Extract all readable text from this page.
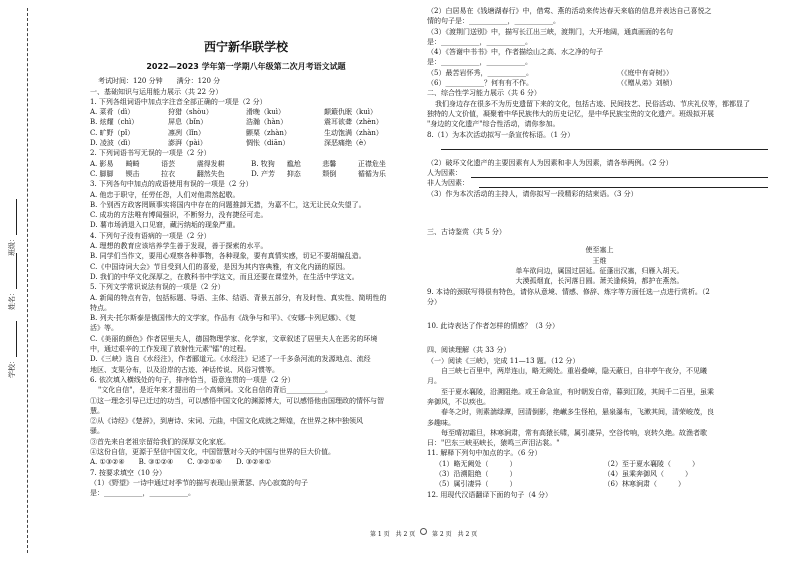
学校：
姓名：
班级：
西宁新华联学校
2022—2023 学年第一学期八年级第二次月考语文试题
考试时间：120 分钟　　满分：120 分
一、基础知识与运用能力展示（共 22 分）
1. 下列各组词语中加点字注音全部正确的一项是（2 分）
A. 菜肴（dì）	狩猎（shòu）	滑晚（kuì）	颠簸仇眠（kuì）
B. 炫耀（chì）	屏息（bǐn）	浩瀚（hàn）	震耳欲聋（zhèn）
C. 旷野（pǐ）	凛冽（lǐn）	颤栗（zhàn）	生动饱满（zhàn）
D. 凌波（dì）	澎湃（pài）	惆怅（diān）	深恶痛绝（è）
2. 下列词语书写无误的一项是（2 分）
A. 影易	畸畸	语芸	震得发耕	B. 牧狗	尴尬	悲馨	正襟危坐
C. 脚脚	锲击	拉衣	翻然失色	D. 产芳	抑态	颓倒	循循为乐
3. 下列各句中加点的成语使用有误的一项是（2 分）
A. 他忠于职守，任劳任怨，人们对他肃然起敬。
B. 个别西方政客罔顾事实将国内中存在的问题推卸无措，为嘉不仁，这无让民众失望了。
C. 成功的方法唯有博闻强识，不断努力，没有捷径可走。
D. 薯市场消退入口见窘，藏污纳垢的现象严重。
4. 下列句子没有语病的一项是（2 分）
A. 理想的教育应该培养学生善于发现，善于探索的水平。
B. 同学们当作文，要用心观察各种事物，各种现象，要有真情实感，切记不要胡编乱造。
C.《中国诗词大会》节目受到人们的喜爱，是因为其内容典雅，有文化内涵的原因。
D. 我们的中华文化深厚之，在教科书中学这文，而且还要在课堂外，在生活中学这文。
5. 下列文学常识说法有误的一项是（2 分）
A. 新闻的特点有告，包括标题、导语、主体、结语、背景五部分，有及时性、真实性、简明性的
特点。
B. 列夫·托尔斯泰是俄国伟大的文学家，作品有《战争与和平》、《安娜·卡列尼娜》、《复
活》等。
C.《美丽的颜色》作者居里夫人，德国物理学家、化学家，文章叙述了居里夫人在恶劣的环境
中，通过艰辛的工作发现了放射性元素"镭"的过程。
D.《三峡》选自《水经注》，作者郦道元。《水经注》记述了一千多条河流的发源地点、流经
地区、支渠分布，以及沿岸的古迹、神话传说、风俗习惯等。
6. 依次填入横线处的句子，排序恰当，语意连贯的一项是（2 分）
"文化自信"，是近年来才提出的一个高频词。文化自信的背后___________。
①这一理念引导已迁过的功当，可以感悟中国文化的渊源博大，可以感悟他由国理政的情怀与智
慧。
②从《诗经》《楚辞》，到唐诗、宋词、元曲，中国文化成就之辉煌，在世界之林中独领风
骚。
③首先来自老祖宗留给我们的深厚文化家底。
④这份自信，更源于坚信中国文化，中国智慧对今天的中国与世界的巨大价值。
A. ①③②④　　B. ③①②④　　C. ③②①④　　D. ③②④①
7. 按要求填空（10 分）
（1）《野望》一诗中通过对季节的描写表现山景萧瑟、内心寂寞的句子
是：___________，___________。
（2）白居易在《钱塘湖春行》中，借莺、燕的活动来传达春天来临的信息并表达自己喜悦之
情的句子是：___________，___________。
（3）《渡荆门送别》中，描写长江出三峡，渡荆门，大开地阔，通真画面的名句
是：___________，___________。
（4）《答谢中书书》中，作者描绘山之高、水之净的句子
是：___________，___________。
（5）最苦岩怀秀，___________。	（《庭中有奇树》）
（6）___________？何有有不作。	（《赠从弟》刘桢）
二、综合性学习能力展示（共 6 分）
我们身边存在很多不为历史遗留下来的文化，包括古迹、民间技艺、民俗活动、节庆礼仪等，都都显了
独特的人文价值，凝聚着中华民族伟大的历史记忆，是中华民族宝贵的文化遗产。班级拟开展
"身边的文化遗产"综合性活动，请你参加。
8.（1）为本次活动拟写一条宣传标语。（1 分）
（2）破坏文化遗产的主要因素有人为因素和非人为因素，请各举两例。（2 分）
人为因素：
非人为因素：
（3）作为本次活动的主持人，请你拟写一段精彩的结束语。（3 分）
三、古诗鉴赏（共 5 分）
使至塞上
王维
单车欲问边，属国过居延。征蓬出汉塞，归雁入胡天。
大漠孤烟直，长河落日圆。萧关逢候骑，都护在燕然。
9. 本诗的颈联写得很有特色，请你从意境、情感、修辞、炼字等方面任选一点进行赏析。（2
分）
10. 此诗表达了作者怎样的情感？（3 分）
四、阅读理解（共 33 分）
（一）阅读《三峡》，完成 11—13 题。（12 分）
自三峡七百里中，两岸连山，略无阙处。重岩叠嶂，隐天蔽日，自非亭午夜分，不见曦
月。
至于夏水襄陵，沿溯阻绝。或王命急宣，有时朝发白帝，暮到江陵，其间千二百里，虽乘
奔御风，不以疾也。
春冬之时，则素湍绿潭，回清倒影，绝𪩘多生怪柏，悬泉瀑布，飞漱其间，清荣峻茂，良
多趣味。
每至晴初霜旦，林寒涧肃，常有高猿长啸，属引凄异，空谷传响，哀转久绝。故渔者歌
曰："巴东三峡巫峡长，猿鸣三声泪沾裳。"
11. 解释下列句中加点的字。（6 分）
（1）略无阙处（　　　）	（2）至于夏水襄陵（　　　）
（3）沿溯阻绝（　　　）	（4）虽乘奔御风（　　　）
（5）属引凄异（　　　）	（6）林寒涧肃（　　　）
12. 用现代汉语翻译下面的句子（4 分）
第 1 页　共 2 页	第 2 页　共 2 页
